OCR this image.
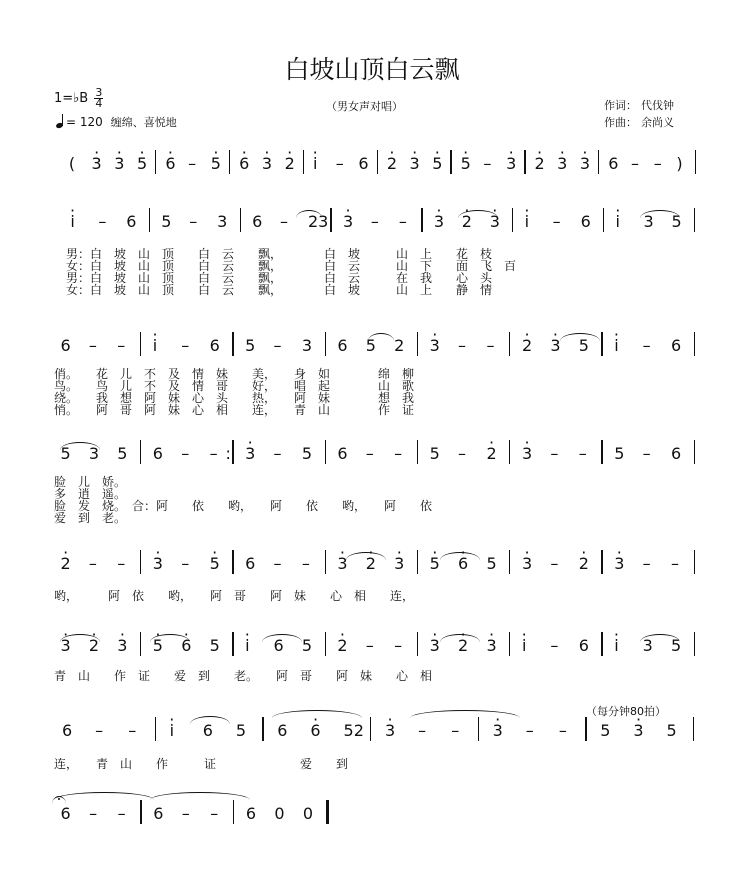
白坡山顶白云飘
（男女声对唱）	作词： 代伐钟
作曲： 余尚义
1=♭B $\frac{3}{4}$
= 120 缠绵、喜悦地
( · 3 · 3 · 5 · 6 – · 5 · 6 · 3 · 2 · i – 6 · 2 · 3 · 5 · 5 – · 3 · 2 · 3 · 3 6 – – )
· i – 6 5 – 3 6 – 23 · 3 – – · 3 · 2 · 3 · i – 6 · i 3 5
6 – – · i – 6 5 – 3 6 5 2 · 3 – – · 2 · 3 5 · i – 6
5 3 5 6 – – : · 3 – 5 6 – – 5 – · 2 · 3 – – 5 – 6
· 2 – – · 3 – · 5 6 – – · 3 · 2 · 3 · 5 · 6 5 · 3 – · 2 · 3 – –
· 3 · 2 · 3 · 5 · 6 5 · i 6 5 · 2 – – · 3 · 2 · 3 · i – 6 · i 3 5
6 – – · i 6 5 6 · 6 52 · 3 – – · 3 – – 5 · 3 5
6 – – 6 – – 6 0 0
男：白　坡　山　顶　　白　云　　飘，　　　　白　坡　　　山　上　　花　枝
女：白　坡　山　顶　　白　云　　飘，　　　　白　云　　　山　下　　面　飞　百
男：白　坡　山　顶　　白　云　　飘，　　　　白　云　　　在　我　　心　头
女：白　坡　山　顶　　白　云　　飘，　　　　白　坡　　　山　上　　静　情
俏。　　花　儿　不　及　情　妹　　美，　　身　如　　　　绵　柳
鸟。　　鸟　儿　不　及　情　哥　　好，　　唱　起　　　　山　歌
绕。　　我　想　阿　妹　心　头　　热，　　阿　妹　　　　想　我
悄。　　阿　哥　阿　妹　心　相　　连，　　青　山　　　　作　证
脸　儿　娇。
多　逍　遥。
脸　发　烧。　合：阿　　依　　哟，　　阿　　依　　哟，　　阿　　依
爱　到　老。
哟，　　　阿　依　　哟，　　阿　哥　　阿　妹　　心　相　　连，
青　山　　作　证　　爱　到　　老。　　阿　哥　　阿　妹　　心　相
连，　　青　山　　作　　　证　　　　　　　爱　　到
（每分钟80拍）
